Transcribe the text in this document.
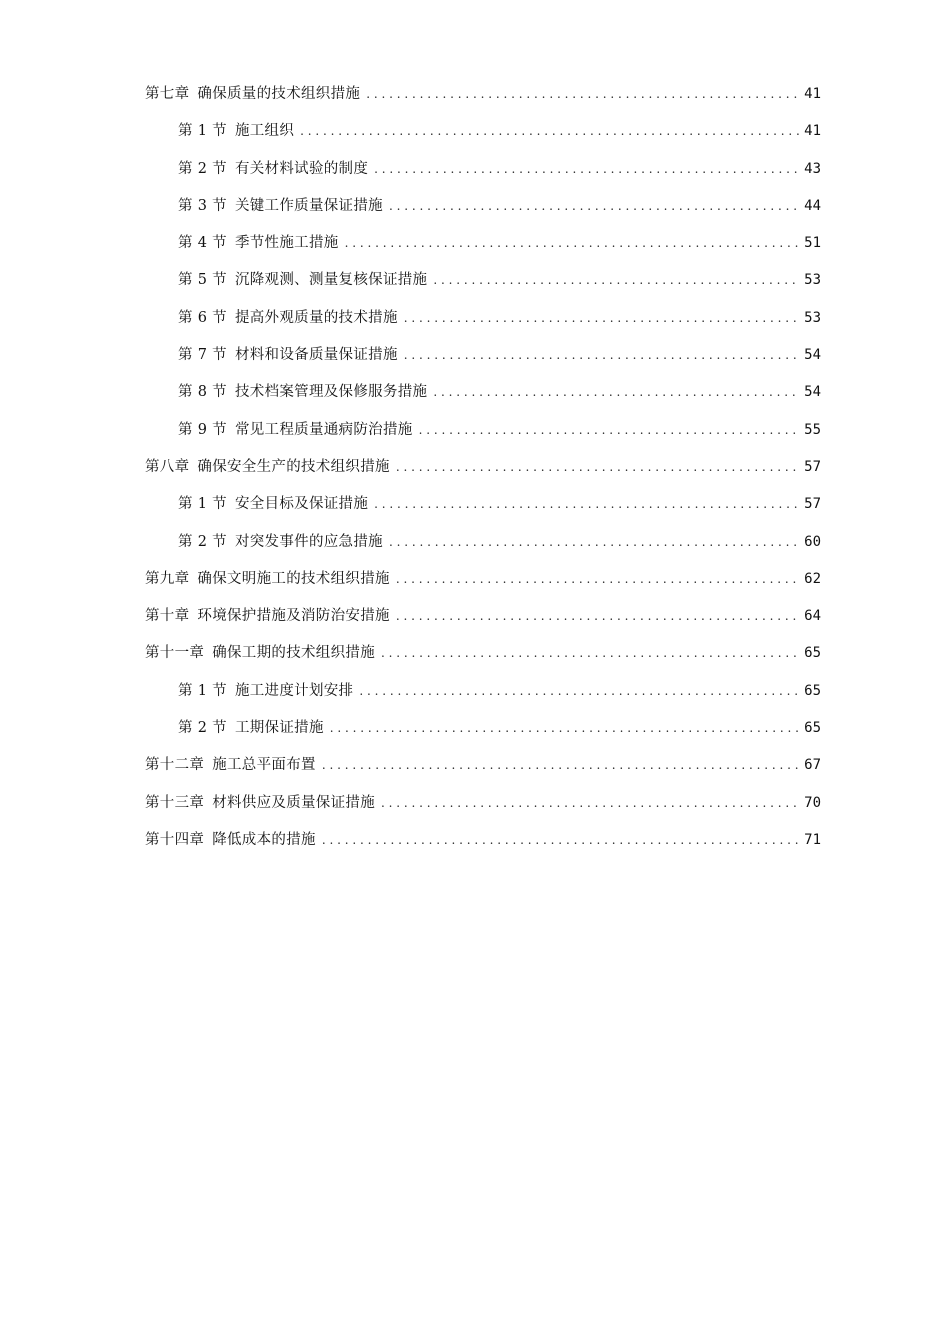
第七章 确保质量的技术组织措施 . . .	41
第 1 节 施工组织 . . .	41
第 2 节 有关材料试验的制度 . . .	43
第 3 节 关键工作质量保证措施 . . .	44
第 4 节 季节性施工措施 . . .	51
第 5 节 沉降观测、测量复核保证措施 . . .	53
第 6 节 提高外观质量的技术措施 . . .	53
第 7 节 材料和设备质量保证措施 . . .	54
第 8 节 技术档案管理及保修服务措施 . . .	54
第 9 节 常见工程质量通病防治措施 . . .	55
第八章 确保安全生产的技术组织措施 . . .	57
第 1 节 安全目标及保证措施 . . .	57
第 2 节 对突发事件的应急措施 . . .	60
第九章 确保文明施工的技术组织措施 . . .	62
第十章 环境保护措施及消防治安措施 . . .	64
第十一章 确保工期的技术组织措施 . . .	65
第 1 节 施工进度计划安排 . . .	65
第 2 节 工期保证措施 . . .	65
第十二章 施工总平面布置 . . .	67
第十三章 材料供应及质量保证措施 . . .	70
第十四章 降低成本的措施 . . .	71
